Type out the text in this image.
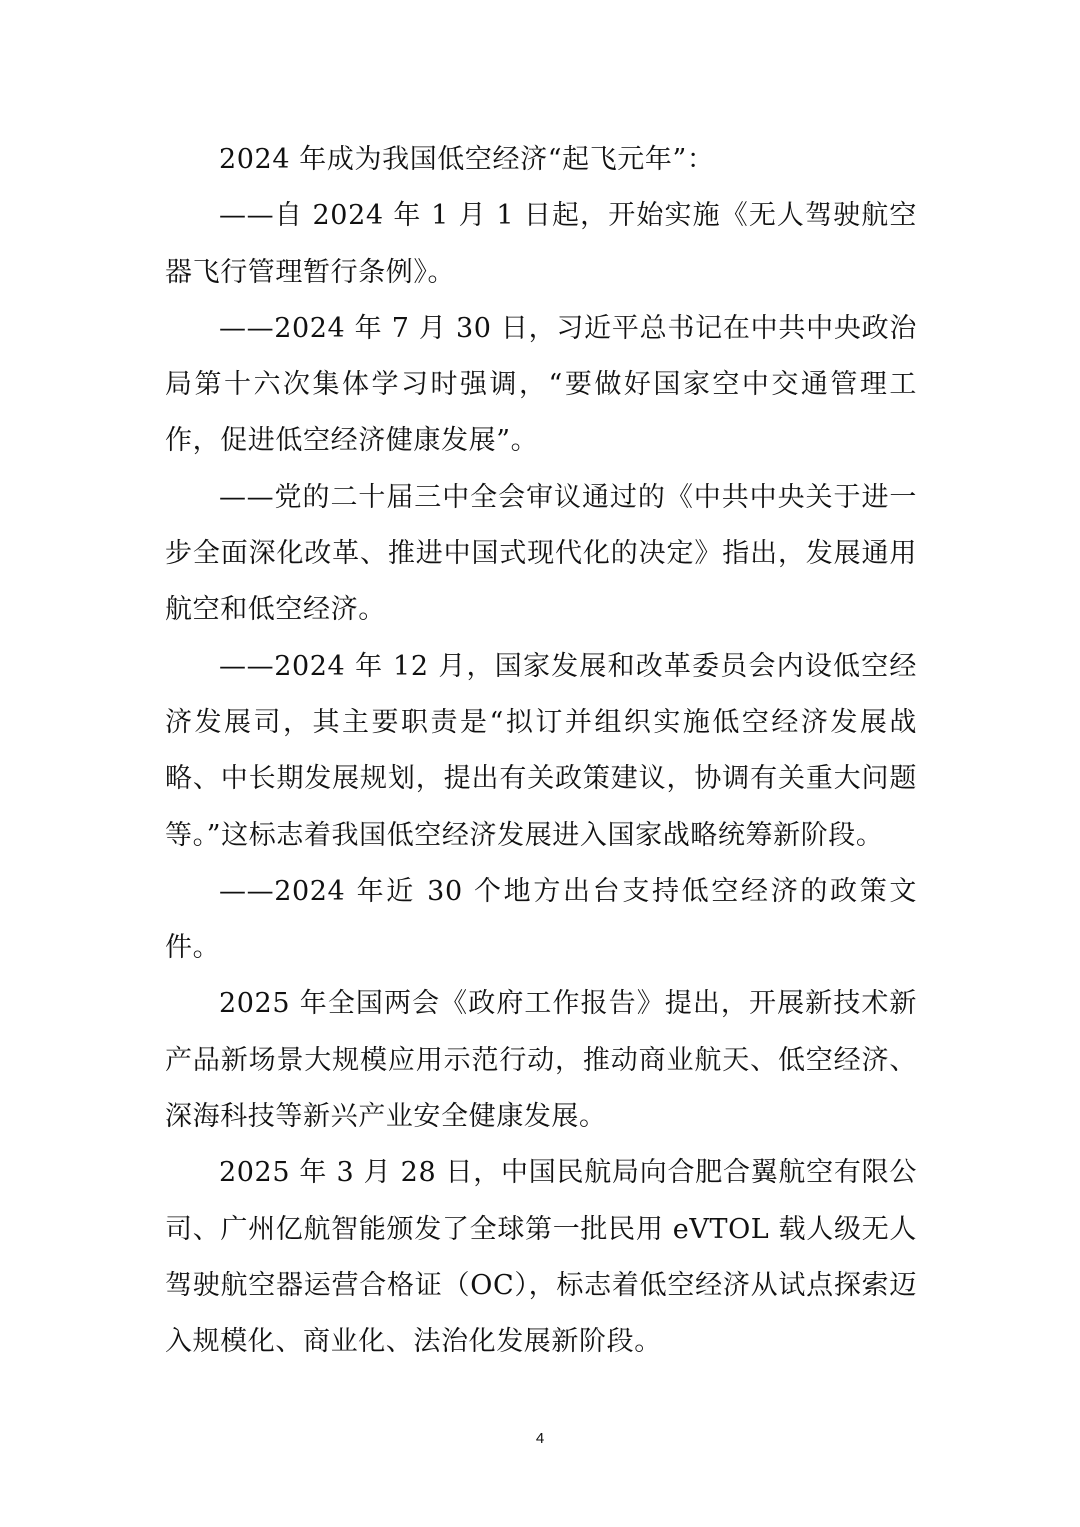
2024 年成为我国低空经济“起飞元年”：

——自 2024 年 1 月 1 日起，开始实施《无人驾驶航空器飞行管理暂行条例》。

——2024 年 7 月 30 日，习近平总书记在中共中央政治局第十六次集体学习时强调，“要做好国家空中交通管理工作，促进低空经济健康发展”。

——党的二十届三中全会审议通过的《中共中央关于进一步全面深化改革、推进中国式现代化的决定》指出，发展通用航空和低空经济。

——2024 年 12 月，国家发展和改革委员会内设低空经济发展司，其主要职责是“拟订并组织实施低空经济发展战略、中长期发展规划，提出有关政策建议，协调有关重大问题等。”这标志着我国低空经济发展进入国家战略统筹新阶段。

——2024 年近 30 个地方出台支持低空经济的政策文件。

2025 年全国两会《政府工作报告》提出，开展新技术新产品新场景大规模应用示范行动，推动商业航天、低空经济、深海科技等新兴产业安全健康发展。

2025 年 3 月 28 日，中国民航局向合肥合翼航空有限公司、广州亿航智能颁发了全球第一批民用 eVTOL 载人级无人驾驶航空器运营合格证（OC），标志着低空经济从试点探索迈入规模化、商业化、法治化发展新阶段。

4
